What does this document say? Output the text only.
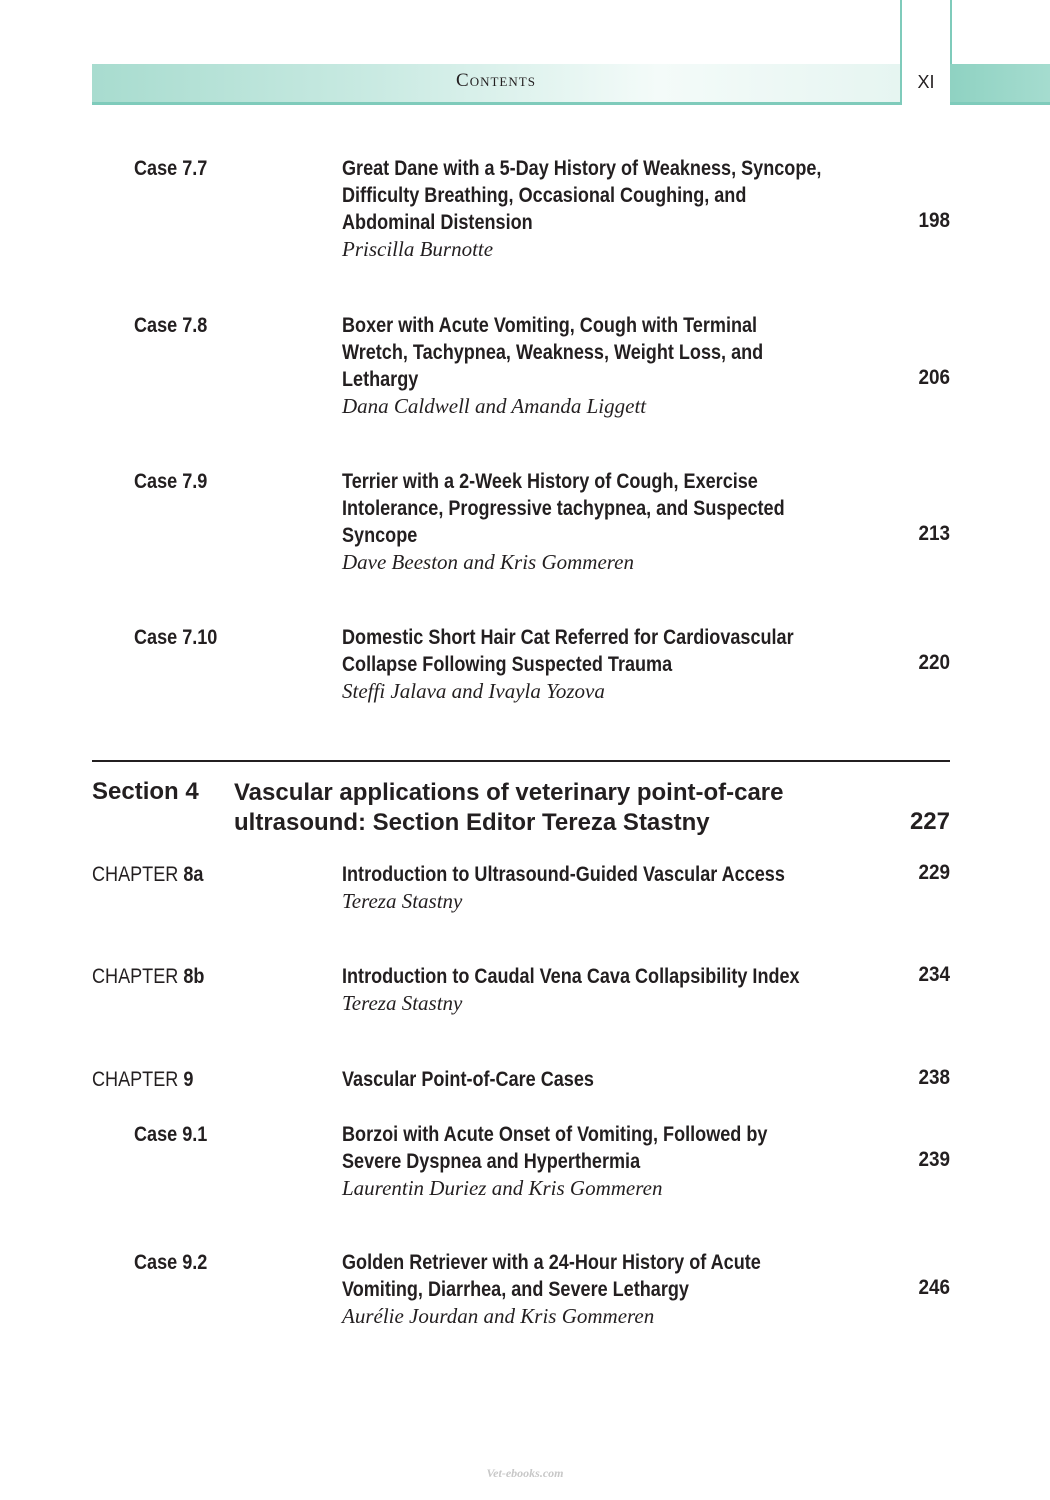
Contents	XI
Case 7.7	Great Dane with a 5-Day History of Weakness, Syncope,
Difficulty Breathing, Occasional Coughing, and
Abdominal Distension	198
Priscilla Burnotte
Case 7.8	Boxer with Acute Vomiting, Cough with Terminal
Wretch, Tachypnea, Weakness, Weight Loss, and
Lethargy	206
Dana Caldwell and Amanda Liggett
Case 7.9	Terrier with a 2-Week History of Cough, Exercise
Intolerance, Progressive tachypnea, and Suspected
Syncope	213
Dave Beeston and Kris Gommeren
Case 7.10	Domestic Short Hair Cat Referred for Cardiovascular
Collapse Following Suspected Trauma	220
Steffi Jalava and Ivayla Yozova
Section 4 Vascular applications of veterinary point-of-care
ultrasound: Section Editor Tereza Stastny	227
CHAPTER 8a	Introduction to Ultrasound-Guided Vascular Access	229
Tereza Stastny
CHAPTER 8b	Introduction to Caudal Vena Cava Collapsibility Index	234
Tereza Stastny
CHAPTER 9	Vascular Point-of-Care Cases	238
Case 9.1	Borzoi with Acute Onset of Vomiting, Followed by
Severe Dyspnea and Hyperthermia	239
Laurentin Duriez and Kris Gommeren
Case 9.2	Golden Retriever with a 24-Hour History of Acute
Vomiting, Diarrhea, and Severe Lethargy	246
Aurélie Jourdan and Kris Gommeren
Vet-ebooks.com
